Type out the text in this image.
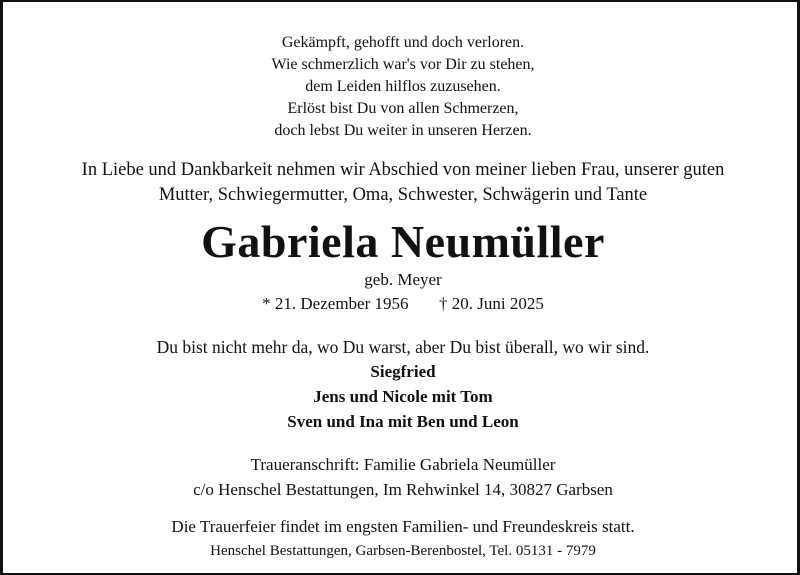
Gekämpft, gehofft und doch verloren.
Wie schmerzlich war's vor Dir zu stehen,
dem Leiden hilflos zuzusehen.
Erlöst bist Du von allen Schmerzen,
doch lebst Du weiter in unseren Herzen.
In Liebe und Dankbarkeit nehmen wir Abschied von meiner lieben Frau, unserer guten
Mutter, Schwiegermutter, Oma, Schwester, Schwägerin und Tante
Gabriela Neumüller
geb. Meyer
* 21. Dezember 1956 † 20. Juni 2025
Du bist nicht mehr da, wo Du warst, aber Du bist überall, wo wir sind.
Siegfried
Jens und Nicole mit Tom
Sven und Ina mit Ben und Leon
Traueranschrift: Familie Gabriela Neumüller
c/o Henschel Bestattungen, Im Rehwinkel 14, 30827 Garbsen
Die Trauerfeier findet im engsten Familien- und Freundeskreis statt.
Henschel Bestattungen, Garbsen-Berenbostel, Tel. 05131 - 7979
